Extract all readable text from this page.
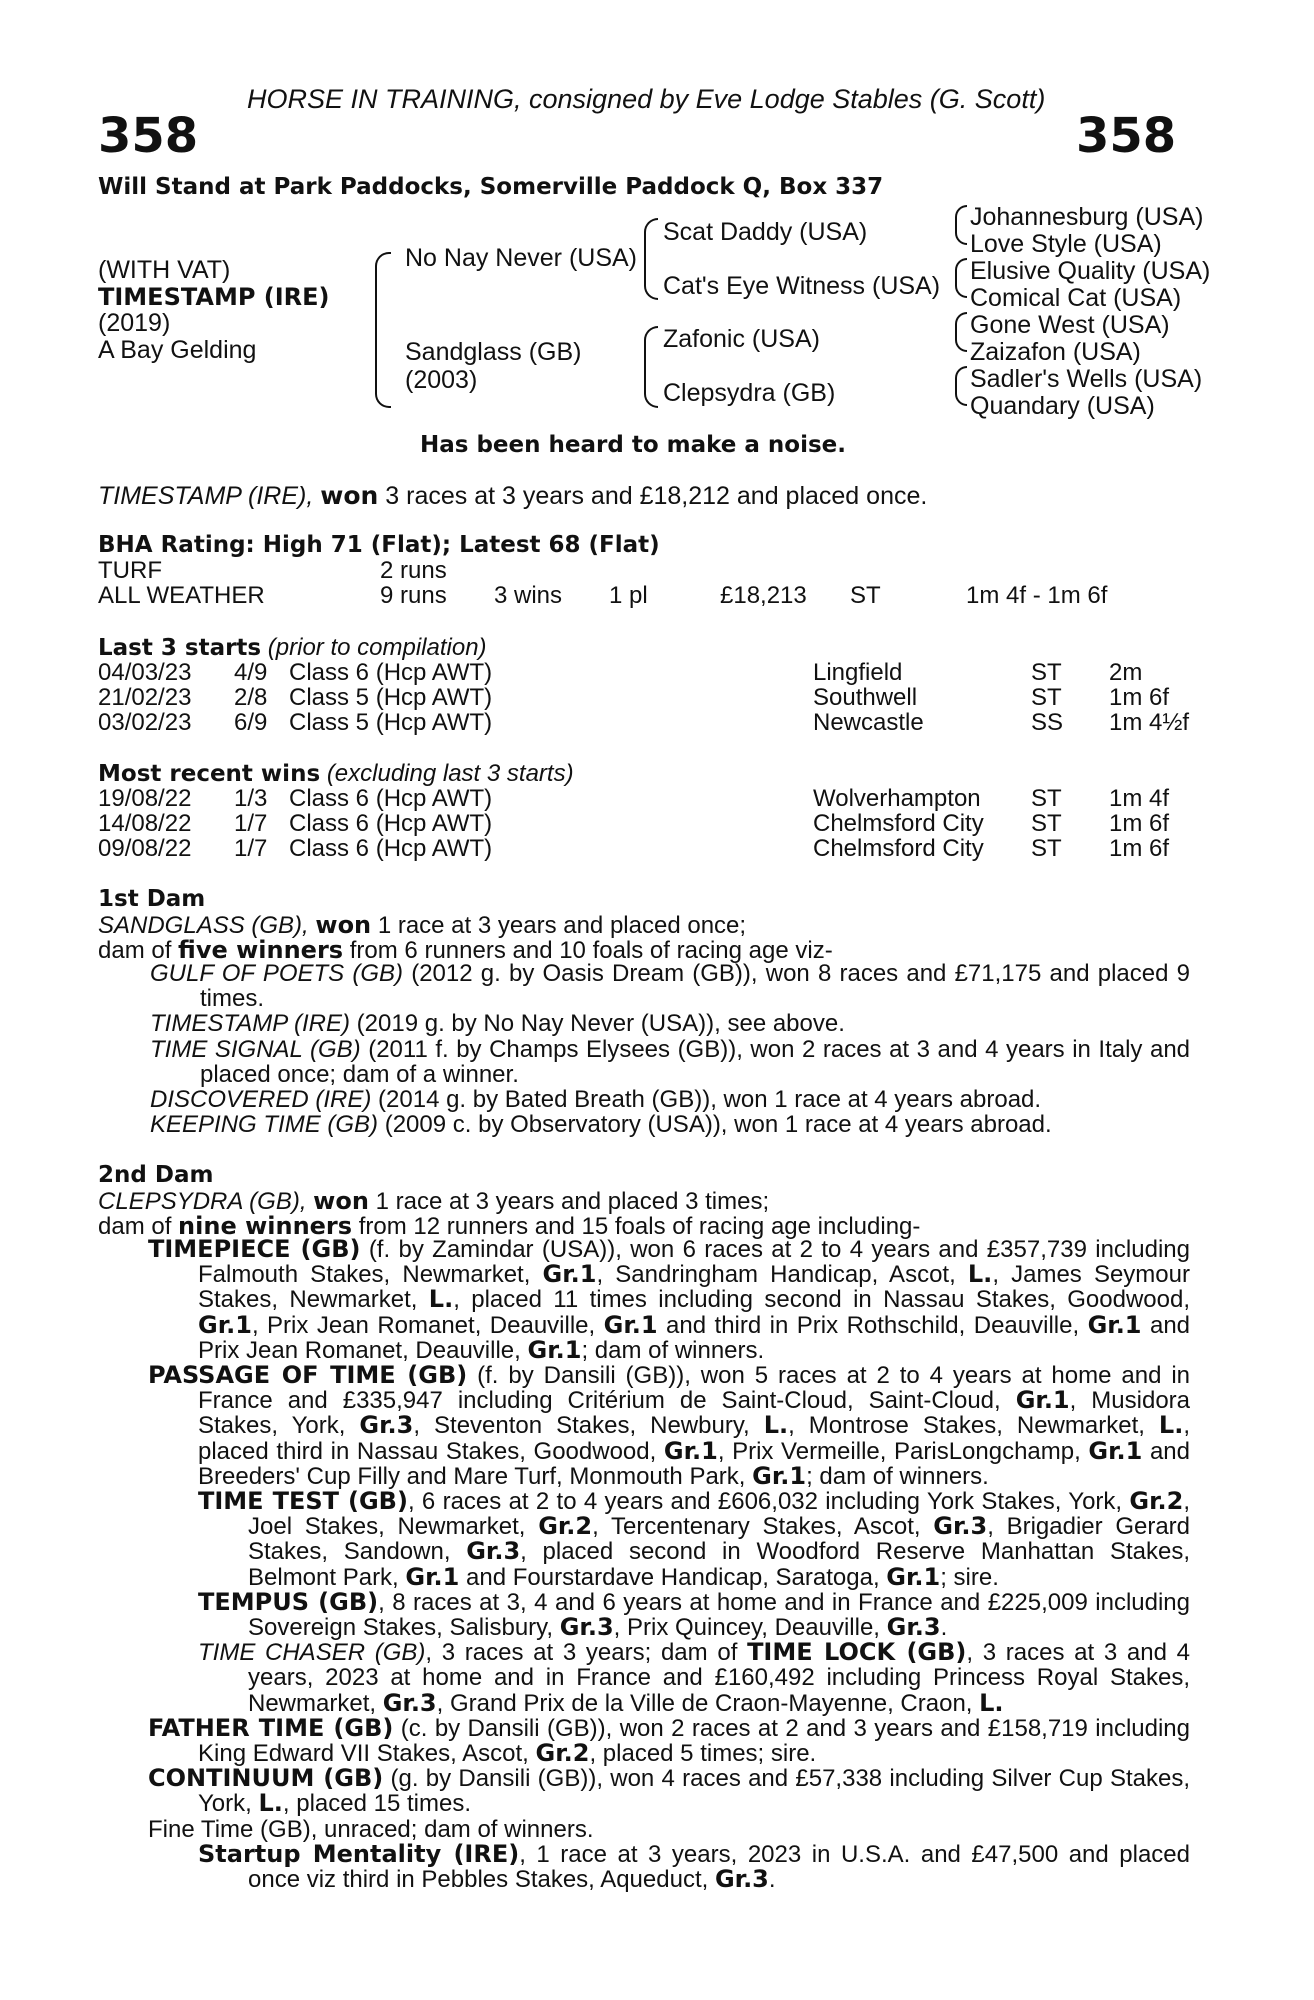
HORSE IN TRAINING, consigned by Eve Lodge Stables (G. Scott)
358	358
Will Stand at Park Paddocks, Somerville Paddock Q, Box 337
(WITH VAT)
TIMESTAMP (IRE)
(2019)
A Bay Gelding
No Nay Never (USA)
Sandglass (GB)
(2003)
Scat Daddy (USA)
Cat's Eye Witness (USA)
Zafonic (USA)
Clepsydra (GB)
Johannesburg (USA)
Love Style (USA)
Elusive Quality (USA)
Comical Cat (USA)
Gone West (USA)
Zaizafon (USA)
Sadler's Wells (USA)
Quandary (USA)
Has been heard to make a noise.
TIMESTAMP (IRE), won 3 races at 3 years and £18,212 and placed once.
BHA Rating: High 71 (Flat); Latest 68 (Flat)
TURF	2 runs
ALL WEATHER	9 runs 3 wins 1 pl	£18,213 ST	1m 4f - 1m 6f
Last 3 starts (prior to compilation)
04/03/23 4/9 Class 6 (Hcp AWT)	Lingfield	ST 2m
21/02/23 2/8 Class 5 (Hcp AWT)	Southwell	ST 1m 6f
03/02/23 6/9 Class 5 (Hcp AWT)	Newcastle	SS 1m 4½f
Most recent wins (excluding last 3 starts)
19/08/22 1/3 Class 6 (Hcp AWT)	Wolverhampton ST 1m 4f
14/08/22 1/7 Class 6 (Hcp AWT)	Chelmsford City ST 1m 6f
09/08/22 1/7 Class 6 (Hcp AWT)	Chelmsford City ST 1m 6f
1st Dam
SANDGLASS (GB), won 1 race at 3 years and placed once;
dam of five winners from 6 runners and 10 foals of racing age viz-

GULF OF POETS (GB) (2012 g. by Oasis Dream (GB)), won 8 races and £71,175 and placed 9 times.

TIMESTAMP (IRE) (2019 g. by No Nay Never (USA)), see above.

TIME SIGNAL (GB) (2011 f. by Champs Elysees (GB)), won 2 races at 3 and 4 years in Italy and placed once; dam of a winner.

DISCOVERED (IRE) (2014 g. by Bated Breath (GB)), won 1 race at 4 years abroad.

KEEPING TIME (GB) (2009 c. by Observatory (USA)), won 1 race at 4 years abroad.

2nd Dam
CLEPSYDRA (GB), won 1 race at 3 years and placed 3 times;
dam of nine winners from 12 runners and 15 foals of racing age including-

TIMEPIECE (GB) (f. by Zamindar (USA)), won 6 races at 2 to 4 years and £357,739 including Falmouth Stakes, Newmarket, Gr.1, Sandringham Handicap, Ascot, L., James Seymour Stakes, Newmarket, L., placed 11 times including second in Nassau Stakes, Goodwood, Gr.1, Prix Jean Romanet, Deauville, Gr.1 and third in Prix Rothschild, Deauville, Gr.1 and Prix Jean Romanet, Deauville, Gr.1; dam of winners.

PASSAGE OF TIME (GB) (f. by Dansili (GB)), won 5 races at 2 to 4 years at home and in France and £335,947 including Critérium de Saint-Cloud, Saint-Cloud, Gr.1, Musidora Stakes, York, Gr.3, Steventon Stakes, Newbury, L., Montrose Stakes, Newmarket, L., placed third in Nassau Stakes, Goodwood, Gr.1, Prix Vermeille, ParisLongchamp, Gr.1 and Breeders' Cup Filly and Mare Turf, Monmouth Park, Gr.1; dam of winners.

TIME TEST (GB), 6 races at 2 to 4 years and £606,032 including York Stakes, York, Gr.2, Joel Stakes, Newmarket, Gr.2, Tercentenary Stakes, Ascot, Gr.3, Brigadier Gerard Stakes, Sandown, Gr.3, placed second in Woodford Reserve Manhattan Stakes, Belmont Park, Gr.1 and Fourstardave Handicap, Saratoga, Gr.1; sire.

TEMPUS (GB), 8 races at 3, 4 and 6 years at home and in France and £225,009 including Sovereign Stakes, Salisbury, Gr.3, Prix Quincey, Deauville, Gr.3.

TIME CHASER (GB), 3 races at 3 years; dam of TIME LOCK (GB), 3 races at 3 and 4 years, 2023 at home and in France and £160,492 including Princess Royal Stakes, Newmarket, Gr.3, Grand Prix de la Ville de Craon-Mayenne, Craon, L.

FATHER TIME (GB) (c. by Dansili (GB)), won 2 races at 2 and 3 years and £158,719 including King Edward VII Stakes, Ascot, Gr.2, placed 5 times; sire.

CONTINUUM (GB) (g. by Dansili (GB)), won 4 races and £57,338 including Silver Cup Stakes, York, L., placed 15 times.

Fine Time (GB), unraced; dam of winners.

Startup Mentality (IRE), 1 race at 3 years, 2023 in U.S.A. and £47,500 and placed once viz third in Pebbles Stakes, Aqueduct, Gr.3.
